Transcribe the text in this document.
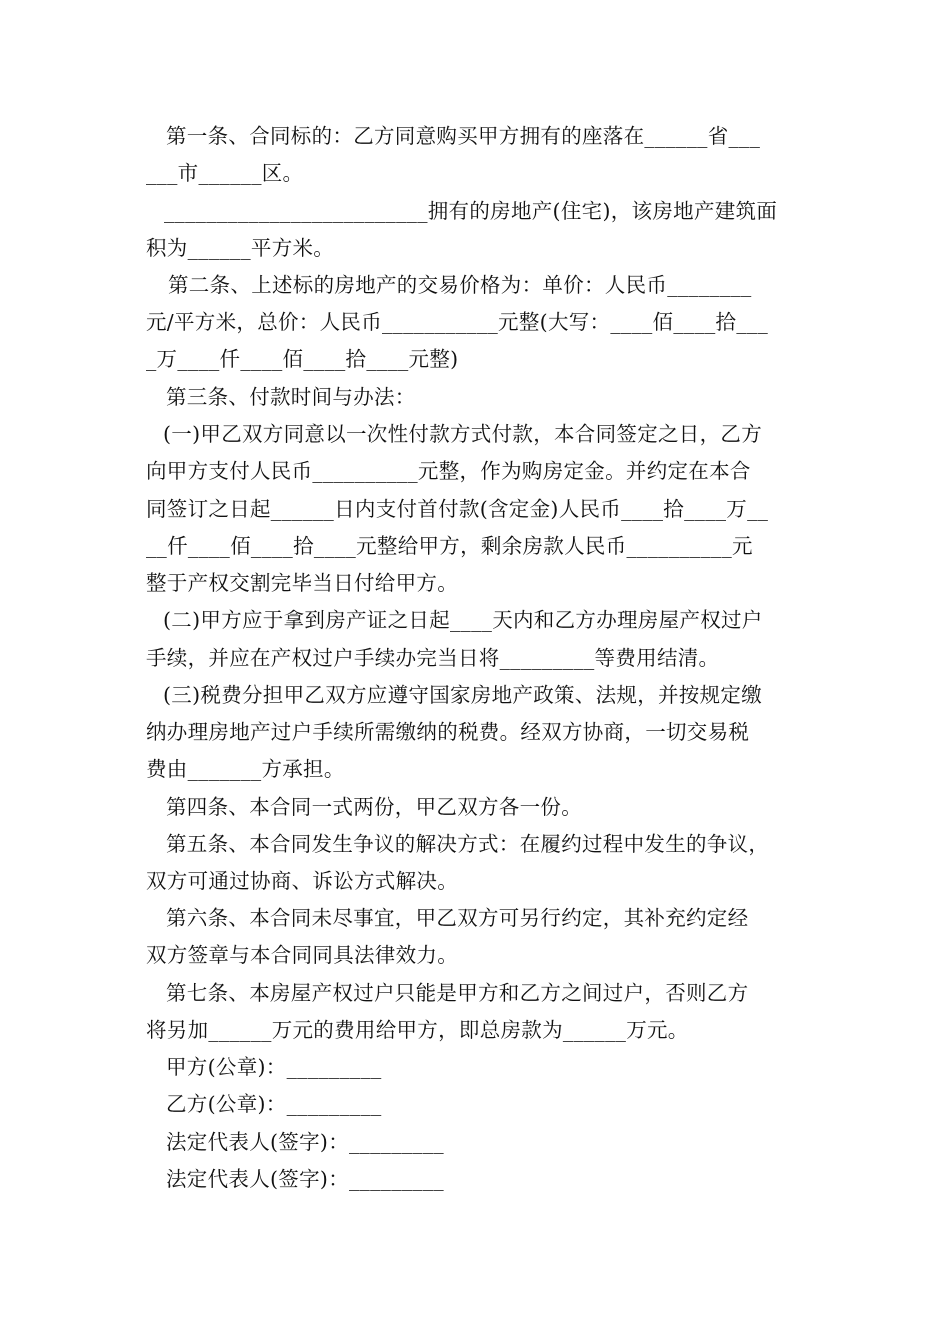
第一条、合同标的：乙方同意购买甲方拥有的座落在______省___
___市______区。
_________________________拥有的房地产(住宅)，该房地产建筑面
积为______平方米。
第二条、上述标的房地产的交易价格为：单价：人民币________
元/平方米，总价：人民币___________元整(大写：____佰____拾___
_万____仟____佰____拾____元整)
第三条、付款时间与办法：
(一)甲乙双方同意以一次性付款方式付款，本合同签定之日，乙方
向甲方支付人民币__________元整，作为购房定金。并约定在本合
同签订之日起______日内支付首付款(含定金)人民币____拾____万__
__仟____佰____拾____元整给甲方，剩余房款人民币__________元
整于产权交割完毕当日付给甲方。
(二)甲方应于拿到房产证之日起____天内和乙方办理房屋产权过户
手续，并应在产权过户手续办完当日将_________等费用结清。
(三)税费分担甲乙双方应遵守国家房地产政策、法规，并按规定缴
纳办理房地产过户手续所需缴纳的税费。经双方协商，一切交易税
费由_______方承担。
第四条、本合同一式两份，甲乙双方各一份。
第五条、本合同发生争议的解决方式：在履约过程中发生的争议，
双方可通过协商、诉讼方式解决。
第六条、本合同未尽事宜，甲乙双方可另行约定，其补充约定经
双方签章与本合同同具法律效力。
第七条、本房屋产权过户只能是甲方和乙方之间过户，否则乙方
将另加______万元的费用给甲方，即总房款为______万元。
甲方(公章)：_________
乙方(公章)：_________
法定代表人(签字)：_________
法定代表人(签字)：_________
